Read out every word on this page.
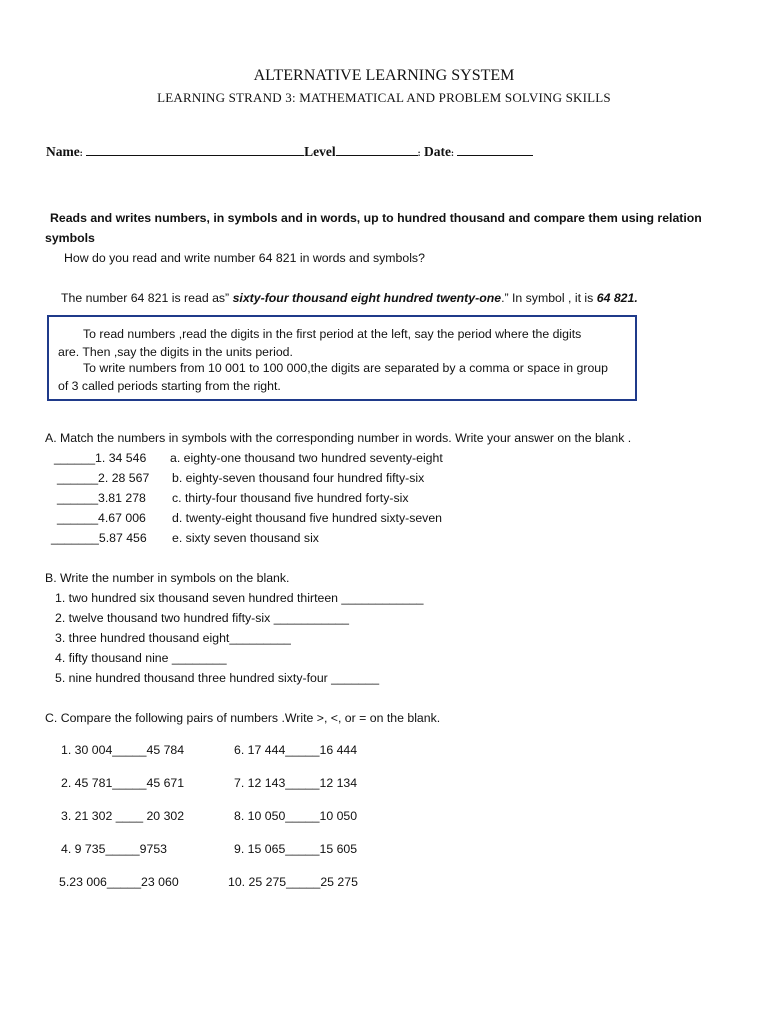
ALTERNATIVE LEARNING SYSTEM
LEARNING STRAND 3: MATHEMATICAL AND PROBLEM SOLVING SKILLS
Name:	Level	: Date:
Reads and writes numbers, in symbols and in words, up to hundred thousand and compare them using relation
symbols
How do you read and write number 64 821 in words and symbols?
The number 64 821 is read as” sixty-four thousand eight hundred twenty-one.” In symbol , it is 64 821.
To read numbers ,read the digits in the first period at the left, say the period where the digits
are. Then ,say the digits in the units period.
To write numbers from 10 001 to 100 000,the digits are separated by a comma or space in group
of 3 called periods starting from the right.
A. Match the numbers in symbols with the corresponding number in words. Write your answer on the blank .
______1. 34 546 a. eighty-one thousand two hundred seventy-eight
______2. 28 567 b. eighty-seven thousand four hundred fifty-six
______3.81 278 c. thirty-four thousand five hundred forty-six
______4.67 006 d. twenty-eight thousand five hundred sixty-seven
_______5.87 456 e. sixty seven thousand six
B. Write the number in symbols on the blank.
1. two hundred six thousand seven hundred thirteen ____________
2. twelve thousand two hundred fifty-six ___________
3. three hundred thousand eight_________
4. fifty thousand nine ________
5. nine hundred thousand three hundred sixty-four _______
C. Compare the following pairs of numbers .Write >, <, or = on the blank.
1. 30 004_____45 784	6. 17 444_____16 444
2. 45 781_____45 671	7. 12 143_____12 134
3. 21 302 ____ 20 302	8. 10 050_____10 050
4. 9 735_____9753	9. 15 065_____15 605
5.23 006_____23 060	10. 25 275_____25 275
